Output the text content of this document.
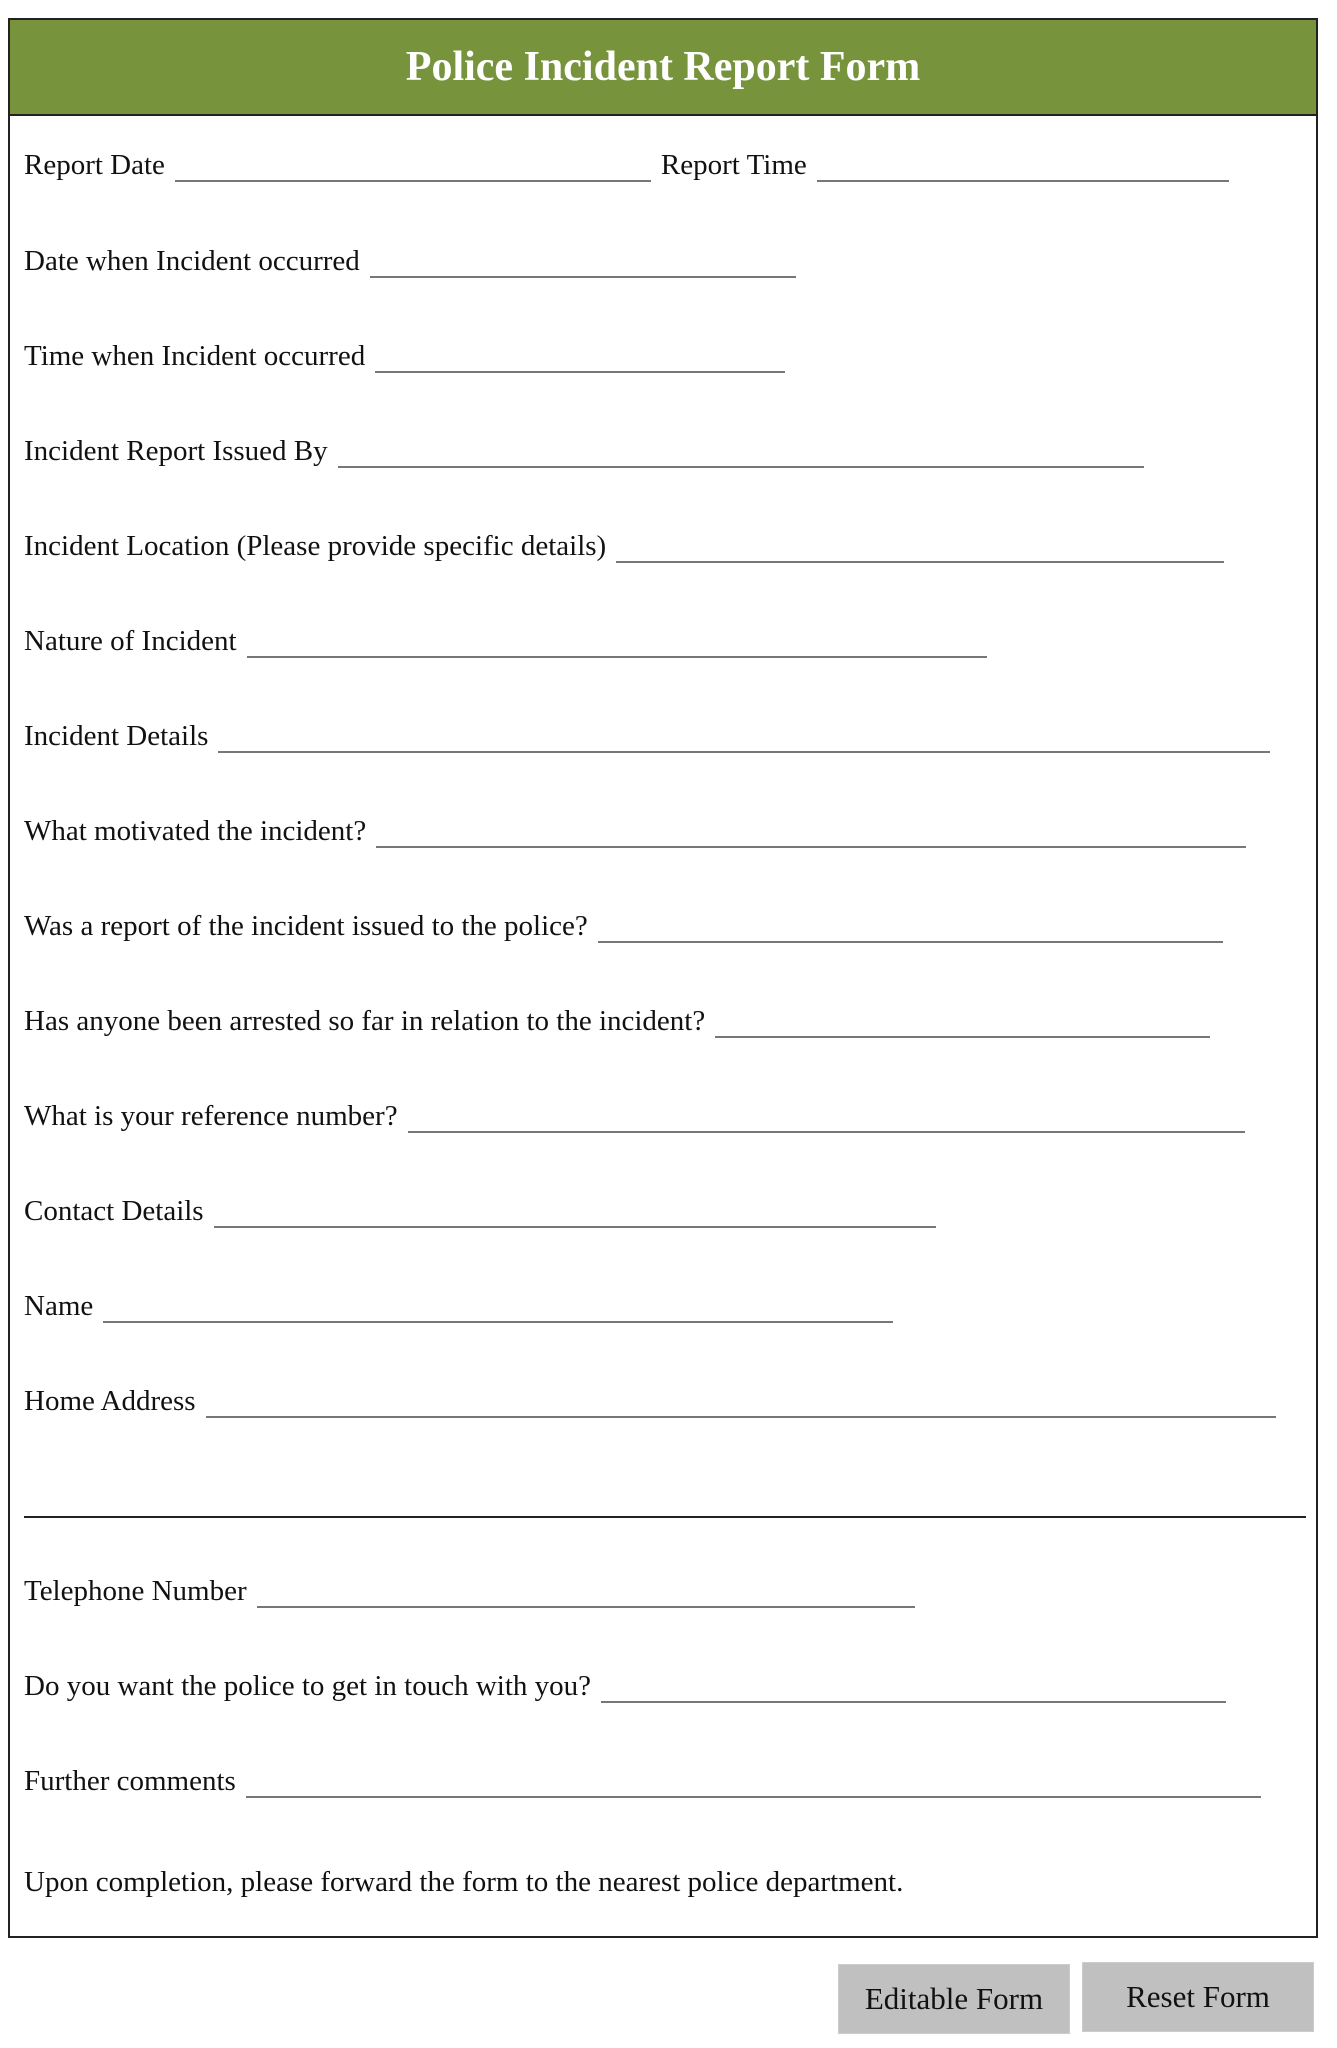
Police Incident Report Form
Report Date	Report Time
Date when Incident occurred
Time when Incident occurred
Incident Report Issued By
Incident Location (Please provide specific details)
Nature of Incident
Incident Details
What motivated the incident?
Was a report of the incident issued to the police?
Has anyone been arrested so far in relation to the incident?
What is your reference number?
Contact Details
Name
Home Address
Telephone Number
Do you want the police to get in touch with you?
Further comments
Upon completion, please forward the form to the nearest police department.
Editable Form	Reset Form
